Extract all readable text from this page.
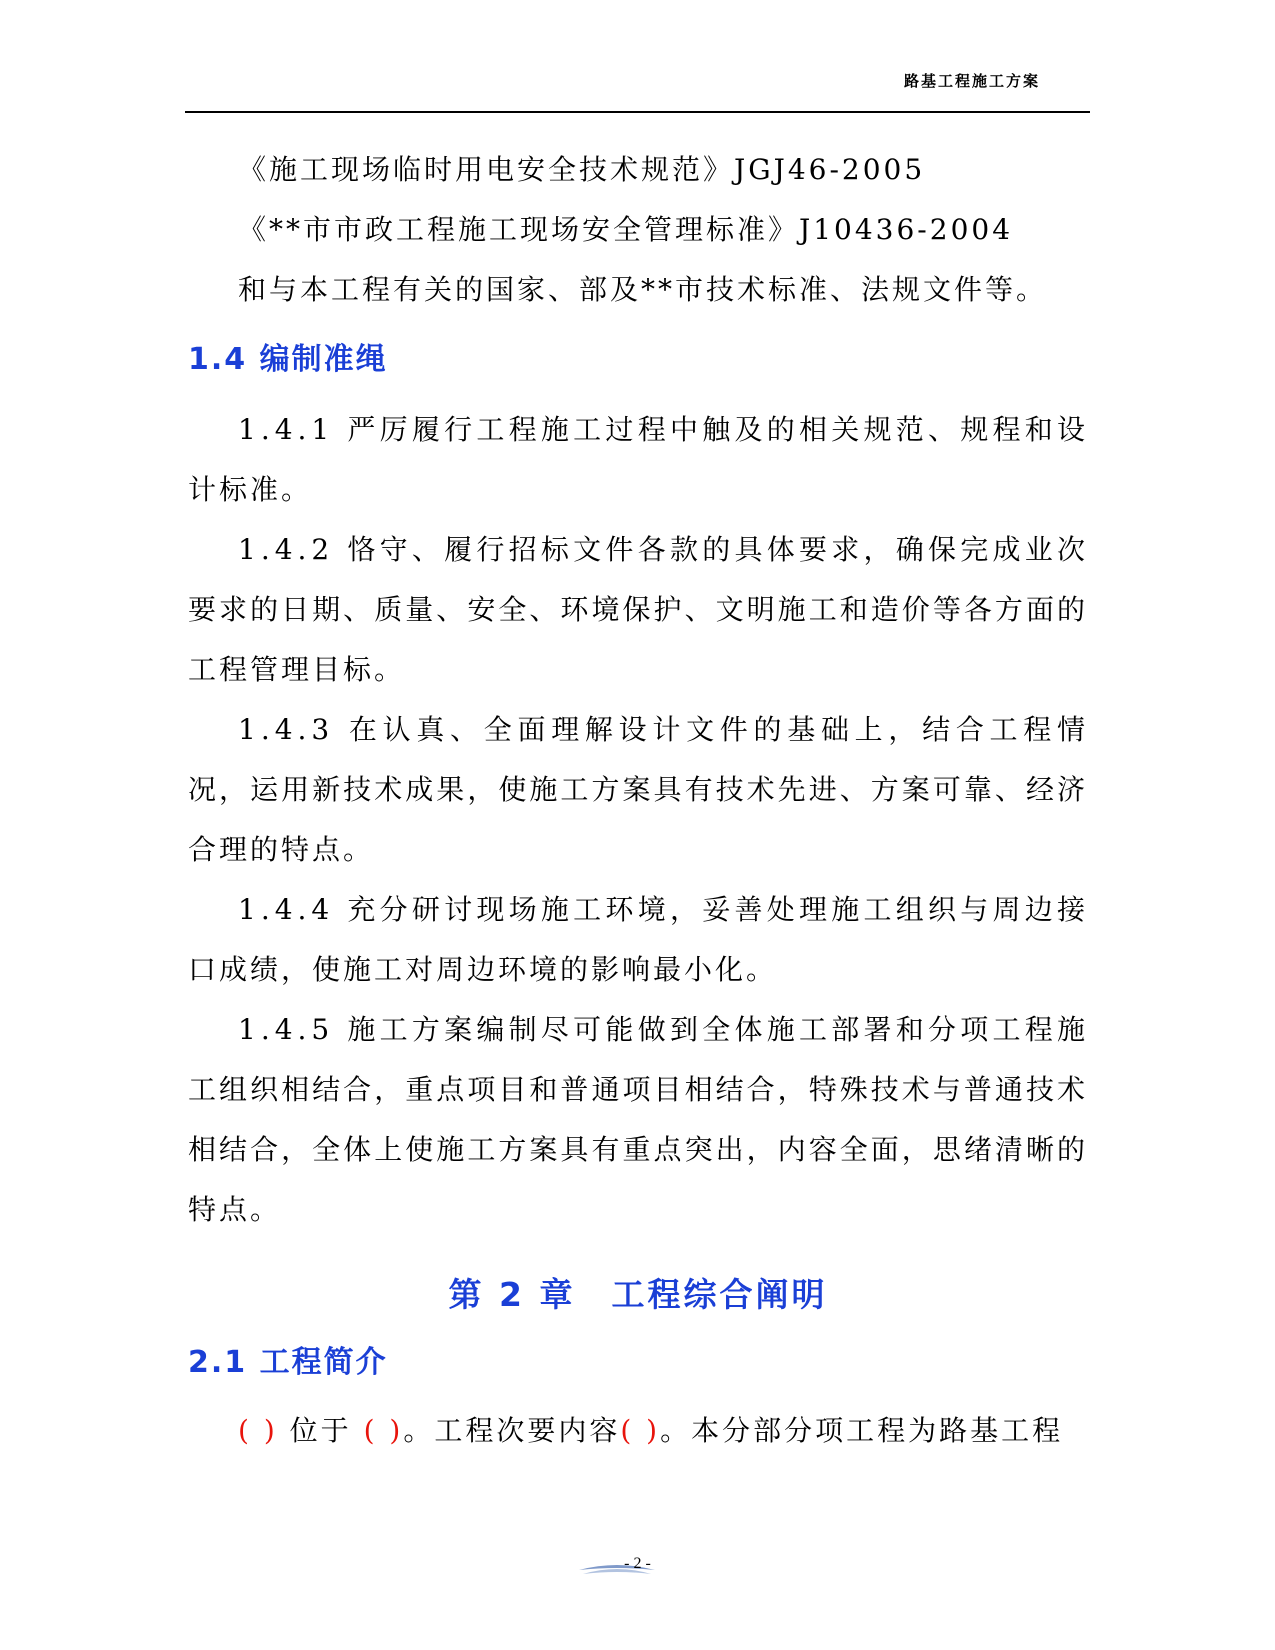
路基工程施工方案
《施工现场临时用电安全技术规范》JGJ46-2005
《**市市政工程施工现场安全管理标准》J10436-2004
和与本工程有关的国家、部及**市技术标准、法规文件等。
1.4 编制准绳
1.4.1 严厉履行工程施工过程中触及的相关规范、规程和设计标准。
1.4.2 恪守、履行招标文件各款的具体要求，确保完成业次要求的日期、质量、安全、环境保护、文明施工和造价等各方面的工程管理目标。
1.4.3 在认真、全面理解设计文件的基础上，结合工程情况，运用新技术成果，使施工方案具有技术先进、方案可靠、经济合理的特点。
1.4.4 充分研讨现场施工环境，妥善处理施工组织与周边接口成绩，使施工对周边环境的影响最小化。
1.4.5 施工方案编制尽可能做到全体施工部署和分项工程施工组织相结合，重点项目和普通项目相结合，特殊技术与普通技术相结合，全体上使施工方案具有重点突出，内容全面，思绪清晰的特点。
第 2 章　工程综合阐明
2.1 工程简介
( ) 位于 ( )。工程次要内容( )。本分部分项工程为路基工程
- 2 -
